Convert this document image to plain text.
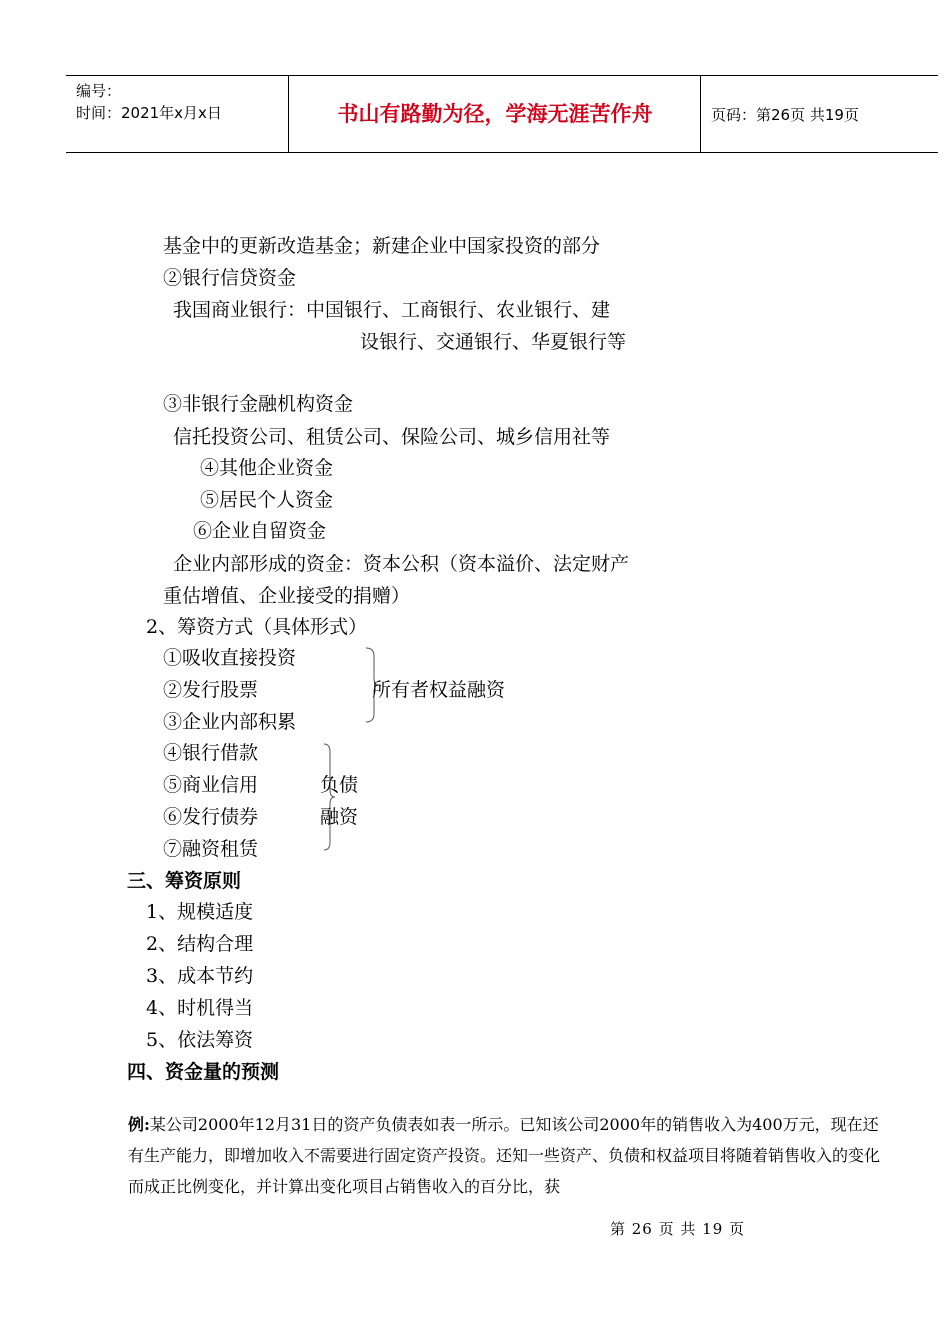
编号：
时间：2021年x月x日	书山有路勤为径，学海无涯苦作舟	页码：第26页 共19页
基金中的更新改造基金；新建企业中国家投资的部分
②银行信贷资金
我国商业银行：中国银行、工商银行、农业银行、建
设银行、交通银行、华夏银行等
③非银行金融机构资金
信托投资公司、租赁公司、保险公司、城乡信用社等
④其他企业资金
⑤居民个人资金
⑥企业自留资金
企业内部形成的资金：资本公积（资本溢价、法定财产
重估增值、企业接受的捐赠）
2、筹资方式（具体形式）
①吸收直接投资
②发行股票
③企业内部积累
所有者权益融资
④银行借款
⑤商业信用
⑥发行债券
⑦融资租赁
负债
融资
三、筹资原则
1、规模适度
2、结构合理
3、成本节约
4、时机得当
5、依法筹资
四、资金量的预测
例:某公司2000年12月31日的资产负债表如表一所示。已知该公司2000年的销售收入为400万元，现在还有生产能力，即增加收入不需要进行固定资产投资。还知一些资产、负债和权益项目将随着销售收入的变化而成正比例变化，并计算出变化项目占销售收入的百分比，获
第 26 页 共 19 页
